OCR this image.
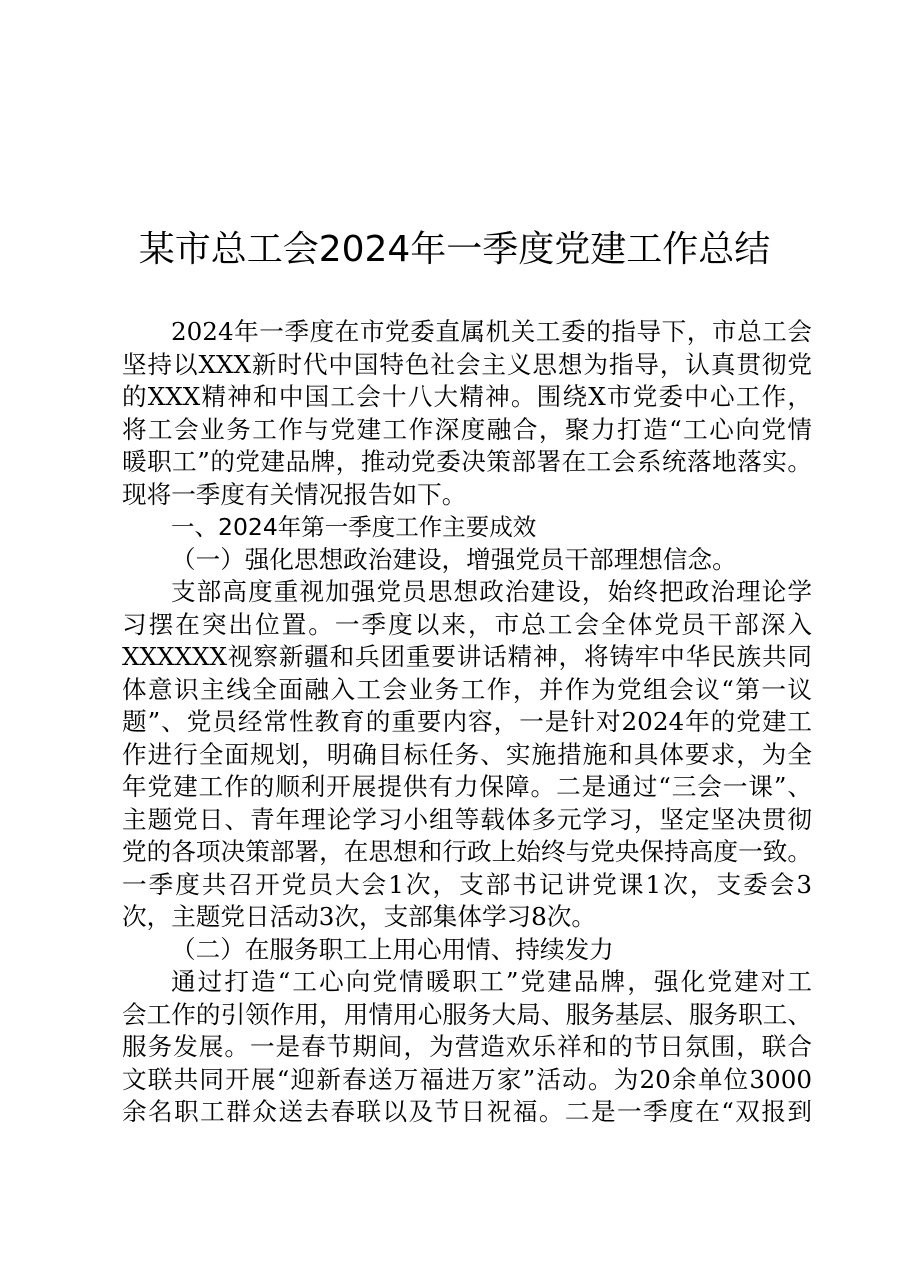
某市总工会2024年一季度党建工作总结
2024年一季度在市党委直属机关工委的指导下，市总工会
坚持以XXX新时代中国特色社会主义思想为指导，认真贯彻党
的XXX精神和中国工会十八大精神。围绕X市党委中心工作，
将工会业务工作与党建工作深度融合，聚力打造“工心向党情
暖职工”的党建品牌，推动党委决策部署在工会系统落地落实。
现将一季度有关情况报告如下。
一、2024年第一季度工作主要成效
（一）强化思想政治建设，增强党员干部理想信念。
支部高度重视加强党员思想政治建设，始终把政治理论学
习摆在突出位置。一季度以来，市总工会全体党员干部深入
XXXXXX视察新疆和兵团重要讲话精神，将铸牢中华民族共同
体意识主线全面融入工会业务工作，并作为党组会议“第一议
题”、党员经常性教育的重要内容，一是针对2024年的党建工
作进行全面规划，明确目标任务、实施措施和具体要求，为全
年党建工作的顺利开展提供有力保障。二是通过“三会一课”、
主题党日、青年理论学习小组等载体多元学习，坚定坚决贯彻
党的各项决策部署，在思想和行政上始终与党央保持高度一致。
一季度共召开党员大会1次，支部书记讲党课1次，支委会3
次，主题党日活动3次，支部集体学习8次。
（二）在服务职工上用心用情、持续发力
通过打造“工心向党情暖职工”党建品牌，强化党建对工
会工作的引领作用，用情用心服务大局、服务基层、服务职工、
服务发展。一是春节期间，为营造欢乐祥和的节日氛围，联合
文联共同开展“迎新春送万福进万家”活动。为20余单位3000
余名职工群众送去春联以及节日祝福。二是一季度在“双报到
